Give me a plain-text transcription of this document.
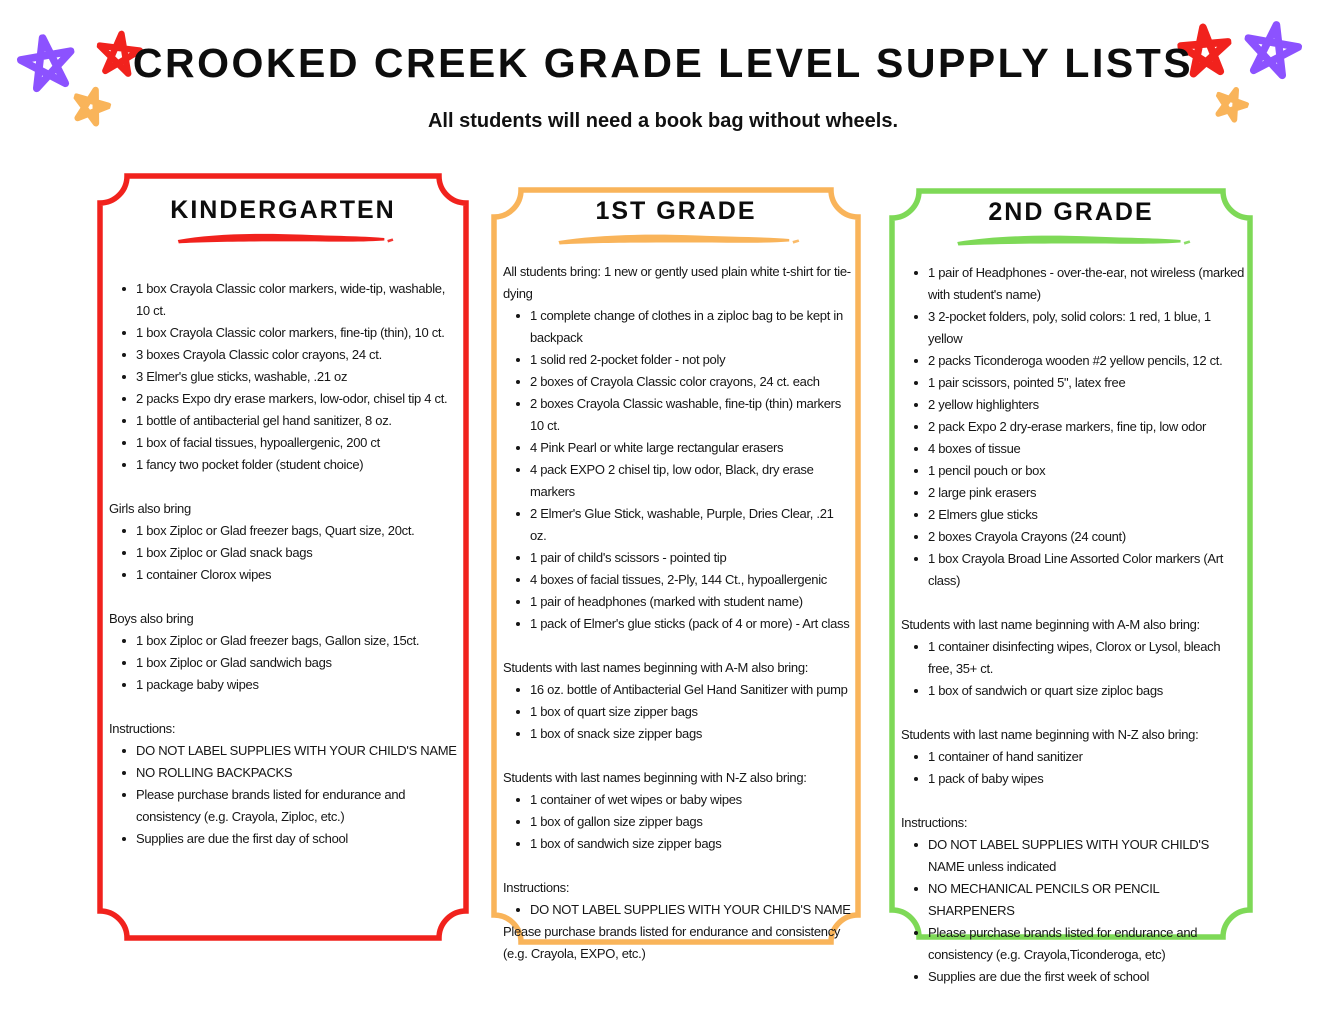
CROOKED CREEK GRADE LEVEL SUPPLY LISTS

All students will need a book bag without wheels.

KINDERGARTEN
1 box Crayola Classic color markers, wide-tip, washable, 10 ct.
1 box Crayola Classic color markers, fine-tip (thin), 10 ct.
3 boxes Crayola Classic color crayons, 24 ct.
3 Elmer's glue sticks, washable, .21 oz
2 packs Expo dry erase markers, low-odor, chisel tip 4 ct.
1 bottle of antibacterial gel hand sanitizer, 8 oz.
1 box of facial tissues, hypoallergenic, 200 ct
1 fancy two pocket folder (student choice)
Girls also bring
1 box Ziploc or Glad freezer bags, Quart size, 20ct.
1 box Ziploc or Glad snack bags
1 container Clorox wipes
Boys also bring
1 box Ziploc or Glad freezer bags, Gallon size, 15ct.
1 box Ziploc or Glad sandwich bags
1 package baby wipes
Instructions:
DO NOT LABEL SUPPLIES WITH YOUR CHILD'S NAME
NO ROLLING BACKPACKS
Please purchase brands listed for endurance and consistency (e.g. Crayola, Ziploc, etc.)
Supplies are due the first day of school
1ST GRADE
All students bring: 1 new or gently used plain white t-shirt for tie-dying
1 complete change of clothes in a ziploc bag to be kept in backpack
1 solid red 2-pocket folder - not poly
2 boxes of Crayola Classic color crayons, 24 ct. each
2 boxes Crayola Classic washable, fine-tip (thin) markers 10 ct.
4 Pink Pearl or white large rectangular erasers
4 pack EXPO 2 chisel tip, low odor, Black, dry erase markers
2 Elmer's Glue Stick, washable, Purple, Dries Clear, .21 oz.
1 pair of child's scissors - pointed tip
4 boxes of facial tissues, 2-Ply, 144 Ct., hypoallergenic
1 pair of headphones (marked with student name)
1 pack of Elmer's glue sticks (pack of 4 or more) - Art class
Students with last names beginning with A-M also bring:
16 oz. bottle of Antibacterial Gel Hand Sanitizer with pump
1 box of quart size zipper bags
1 box of snack size zipper bags
Students with last names beginning with N-Z also bring:
1 container of wet wipes or baby wipes
1 box of gallon size zipper bags
1 box of sandwich size zipper bags
Instructions:
DO NOT LABEL SUPPLIES WITH YOUR CHILD'S NAME
Please purchase brands listed for endurance and consistency (e.g. Crayola, EXPO, etc.)
2ND GRADE
1 pair of Headphones - over-the-ear, not wireless (marked with student's name)
3 2-pocket folders, poly, solid colors: 1 red, 1 blue, 1 yellow
2 packs Ticonderoga wooden #2 yellow pencils, 12 ct.
1 pair scissors, pointed 5", latex free
2 yellow highlighters
2 pack Expo 2 dry-erase markers, fine tip, low odor
4 boxes of tissue
1 pencil pouch or box
2 large pink erasers
2 Elmers glue sticks
2 boxes Crayola Crayons (24 count)
1 box Crayola Broad Line Assorted Color markers (Art class)
Students with last name beginning with A-M also bring:
1 container disinfecting wipes, Clorox or Lysol, bleach free, 35+ ct.
1 box of sandwich or quart size ziploc bags
Students with last name beginning with N-Z also bring:
1 container of hand sanitizer
1 pack of baby wipes
Instructions:
DO NOT LABEL SUPPLIES WITH YOUR CHILD'S NAME unless indicated
NO MECHANICAL PENCILS OR PENCIL SHARPENERS
Please purchase brands listed for endurance and consistency (e.g. Crayola,Ticonderoga, etc)
Supplies are due the first week of school
